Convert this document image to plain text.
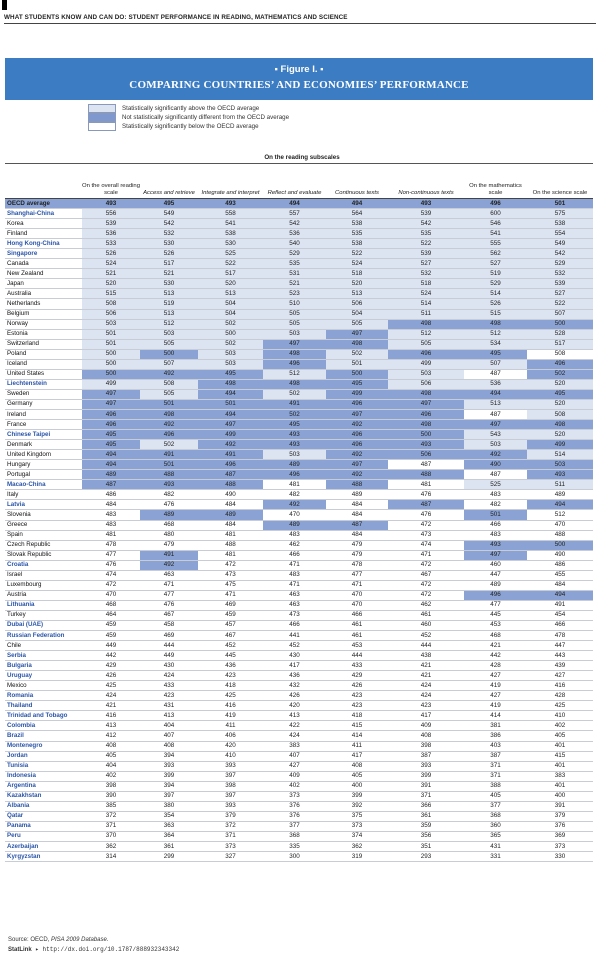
WHAT STUDENTS KNOW AND CAN DO: STUDENT PERFORMANCE IN READING, MATHEMATICS AND SCIENCE
▪ Figure I. ▪
COMPARING COUNTRIES’ AND ECONOMIES’ PERFORMANCE
Statistically significantly above the OECD average
Not statistically significantly different from the OECD average
Statistically significantly below the OECD average
		On the reading subscales						
	On the overall reading scale	Access and retrieve	Integrate and interpret	Reflect and evaluate	Continuous texts	Non-continuous texts	On the mathematics scale	On the science scale
OECD average	493	495	493	494	494	493	496	501
Shanghai-China	556	549	558	557	564	539	600	575
Korea	539	542	541	542	538	542	546	538
Finland	536	532	538	536	535	535	541	554
Hong Kong-China	533	530	530	540	538	522	555	549
Singapore	526	526	525	529	522	539	562	542
Canada	524	517	522	535	524	527	527	529
New Zealand	521	521	517	531	518	532	519	532
Japan	520	530	520	521	520	518	529	539
Australia	515	513	513	523	513	524	514	527
Netherlands	508	519	504	510	506	514	526	522
Belgium	506	513	504	505	504	511	515	507
Norway	503	512	502	505	505	498	498	500
Estonia	501	503	500	503	497	512	512	528
Switzerland	501	505	502	497	498	505	534	517
Poland	500	500	503	498	502	496	495	508
Iceland	500	507	503	496	501	499	507	496
United States	500	492	495	512	500	503	487	502
Liechtenstein	499	508	498	498	495	506	536	520
Sweden	497	505	494	502	499	498	494	495
Germany	497	501	501	491	496	497	513	520
Ireland	496	498	494	502	497	496	487	508
France	496	492	497	495	492	498	497	498
Chinese Taipei	495	496	499	493	496	500	543	520
Denmark	495	502	492	493	496	493	503	499
United Kingdom	494	491	491	503	492	506	492	514
Hungary	494	501	496	489	497	487	490	503
Portugal	489	488	487	496	492	488	487	493
Macao-China	487	493	488	481	488	481	525	511
Italy	486	482	490	482	489	476	483	489
Latvia	484	476	484	492	484	487	482	494
Slovenia	483	489	489	470	484	476	501	512
Greece	483	468	484	489	487	472	466	470
Spain	481	480	481	483	484	473	483	488
Czech Republic	478	479	488	462	479	474	493	500
Slovak Republic	477	491	481	466	479	471	497	490
Croatia	476	492	472	471	478	472	460	486
Israel	474	463	473	483	477	467	447	455
Luxembourg	472	471	475	471	471	472	489	484
Austria	470	477	471	463	470	472	496	494
Lithuania	468	476	469	463	470	462	477	491
Turkey	464	467	459	473	466	461	445	454
Dubai (UAE)	459	458	457	466	461	460	453	466
Russian Federation	459	469	467	441	461	452	468	478
Chile	449	444	452	452	453	444	421	447
Serbia	442	449	445	430	444	438	442	443
Bulgaria	429	430	436	417	433	421	428	439
Uruguay	426	424	423	436	429	421	427	427
Mexico	425	433	418	432	426	424	419	416
Romania	424	423	425	426	423	424	427	428
Thailand	421	431	416	420	423	423	419	425
Trinidad and Tobago	416	413	419	413	418	417	414	410
Colombia	413	404	411	422	415	409	381	402
Brazil	412	407	406	424	414	408	386	405
Montenegro	408	408	420	383	411	398	403	401
Jordan	405	394	410	407	417	387	387	415
Tunisia	404	393	393	427	408	393	371	401
Indonesia	402	399	397	409	405	399	371	383
Argentina	398	394	398	402	400	391	388	401
Kazakhstan	390	397	397	373	399	371	405	400
Albania	385	380	393	376	392	366	377	391
Qatar	372	354	379	376	375	361	368	379
Panama	371	363	372	377	373	359	360	376
Peru	370	364	371	368	374	356	365	369
Azerbaijan	362	361	373	335	362	351	431	373
Kyrgyzstan	314	299	327	300	319	293	331	330
Source: OECD, PISA 2009 Database.
StatLink ▸ http://dx.doi.org/10.1787/888932343342
